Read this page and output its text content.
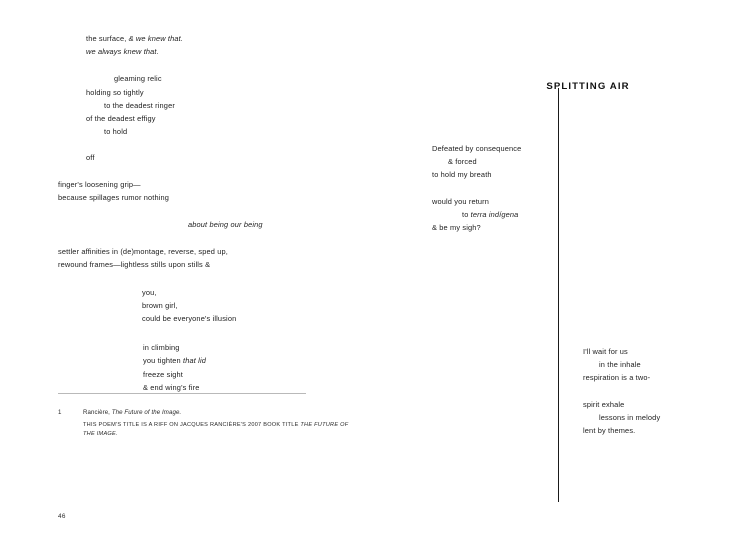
the surface, & we knew that.
we always knew that.
gleaming relic
holding so tightly
to the deadest ringer
of the deadest effigy
to hold
off
finger's loosening grip—
because spillages rumor nothing
about being our being
settler affinities in (de)montage, reverse, sped up,
rewound frames—lightless stills upon stills &
you,
brown girl,
could be everyone's illusion
in climbing
you tighten that lid
freeze sight
& end wing's fire
1	Rancière, The Future of the Image.
THIS POEM'S TITLE IS A RIFF ON JACQUES RANCIÈRE'S 2007 BOOK TITLE THE FUTURE OF THE IMAGE.
46
SPLITTING AIR
Defeated by consequence
& forced
to hold my breath
would you return
to terra indígena
& be my sigh?
I'll wait for us
in the inhale
respiration is a two-
spirit exhale
lessons in melody
lent by themes.
